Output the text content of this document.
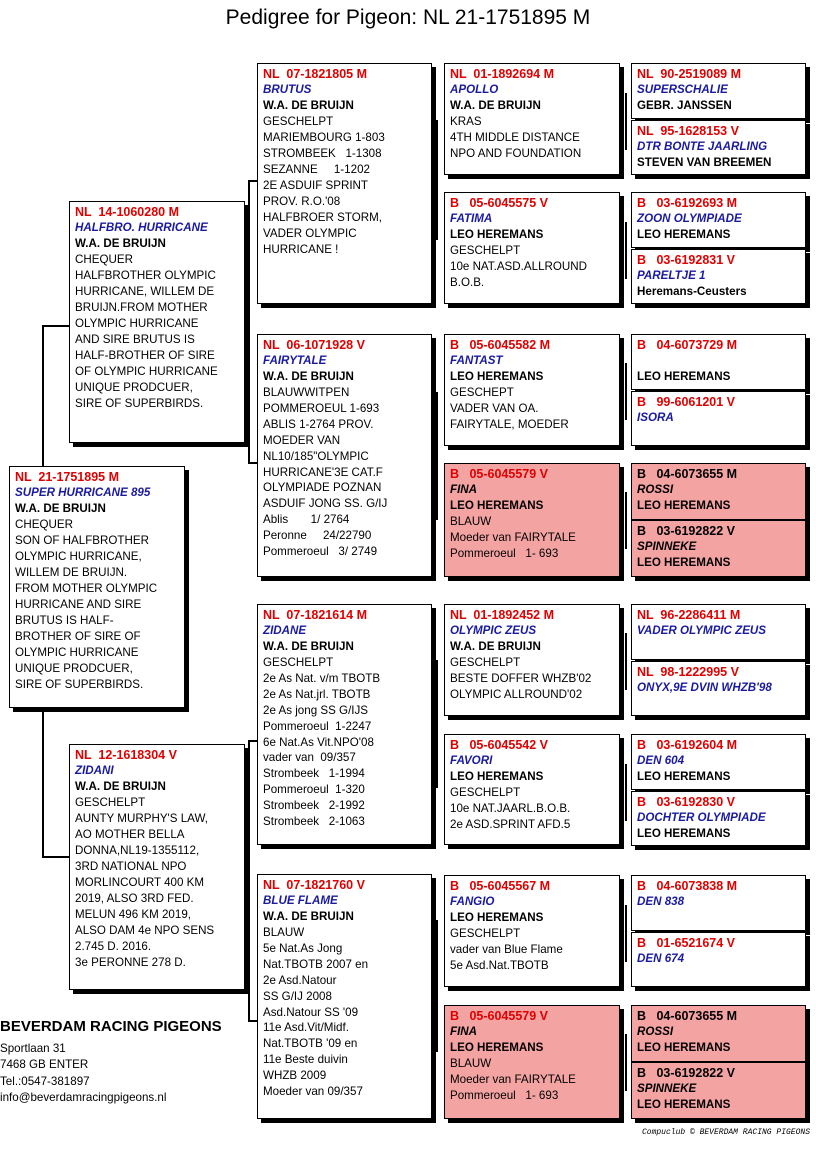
Pedigree for Pigeon: NL 21-1751895 M
NL  21-1751895 M
SUPER HURRICANE 895
W.A. DE BRUIJN
CHEQUER
SON OF HALFBROTHER
OLYMPIC HURRICANE,
WILLEM DE BRUIJN.
FROM MOTHER OLYMPIC
HURRICANE AND SIRE
BRUTUS IS HALF-
BROTHER OF SIRE OF
OLYMPIC HURRICANE
UNIQUE PRODCUER,
SIRE OF SUPERBIRDS.
NL  14-1060280 M
HALFBRO. HURRICANE
W.A. DE BRUIJN
CHEQUER
HALFBROTHER OLYMPIC
HURRICANE, WILLEM DE
BRUIJN.FROM MOTHER
OLYMPIC HURRICANE
AND SIRE BRUTUS IS
HALF-BROTHER OF SIRE
OF OLYMPIC HURRICANE
UNIQUE PRODCUER,
SIRE OF SUPERBIRDS.
NL  12-1618304 V
ZIDANI
W.A. DE BRUIJN
GESCHELPT
AUNTY MURPHY'S LAW,
AO MOTHER BELLA
DONNA,NL19-1355112,
3RD NATIONAL NPO
MORLINCOURT 400 KM
2019, ALSO 3RD FED.
MELUN 496 KM 2019,
ALSO DAM 4e NPO SENS
2.745 D. 2016.
3e PERONNE 278 D.
NL  07-1821805 M
BRUTUS
W.A. DE BRUIJN
GESCHELPT
MARIEMBOURG 1-803
STROMBEEK   1-1308
SEZANNE     1-1202
2E ASDUIF SPRINT
PROV. R.O.'08
HALFBROER STORM,
VADER OLYMPIC
HURRICANE !
NL  06-1071928 V
FAIRYTALE
W.A. DE BRUIJN
BLAUWWITPEN
POMMEROEUL 1-693
ABLIS 1-2764 PROV.
MOEDER VAN
NL10/185"OLYMPIC
HURRICANE'3E CAT.F
OLYMPIADE POZNAN
ASDUIF JONG SS. G/IJ
Ablis       1/ 2764
Peronne     24/22790
Pommeroeul   3/ 2749
NL  07-1821614 M
ZIDANE
W.A. DE BRUIJN
GESCHELPT
2e As Nat. v/m TBOTB
2e As Nat.jrl. TBOTB
2e As jong SS G/IJS
Pommeroeul  1-2247
6e Nat.As Vit.NPO'08
vader van  09/357
Strombeek   1-1994
Pommeroeul  1-320
Strombeek   2-1992
Strombeek   2-1063
NL  07-1821760 V
BLUE FLAME
W.A. DE BRUIJN
BLAUW
5e Nat.As Jong
Nat.TBOTB 2007 en
2e Asd.Natour
SS G/IJ 2008
Asd.Natour SS '09
11e Asd.Vit/Midf.
Nat.TBOTB '09 en
11e Beste duivin
WHZB 2009
Moeder van 09/357
NL  01-1892694 M
APOLLO
W.A. DE BRUIJN
KRAS
4TH MIDDLE DISTANCE
NPO AND FOUNDATION
B   05-6045575 V
FATIMA
LEO HEREMANS
GESCHELPT
10e NAT.ASD.ALLROUND
B.O.B.
B   05-6045582 M
FANTAST
LEO HEREMANS
GESCHEPT
VADER VAN OA.
FAIRYTALE, MOEDER
B   05-6045579 V
FINA
LEO HEREMANS
BLAUW
Moeder van FAIRYTALE
Pommeroeul   1- 693
NL  01-1892452 M
OLYMPIC ZEUS
W.A. DE BRUIJN
GESCHELPT
BESTE DOFFER WHZB'02
OLYMPIC ALLROUND'02
B   05-6045542 V
FAVORI
LEO HEREMANS
GESCHELPT
10e NAT.JAARL.B.O.B.
2e ASD.SPRINT AFD.5
B   05-6045567 M
FANGIO
LEO HEREMANS
GESCHELPT
vader van Blue Flame
5e Asd.Nat.TBOTB
B   05-6045579 V
FINA
LEO HEREMANS
BLAUW
Moeder van FAIRYTALE
Pommeroeul   1- 693
NL  90-2519089 M
SUPERSCHALIE
GEBR. JANSSEN
NL  95-1628153 V
DTR BONTE JAARLING
STEVEN VAN BREEMEN
B   03-6192693 M
ZOON OLYMPIADE
LEO HEREMANS
B   03-6192831 V
PARELTJE 1
Heremans-Ceusters
B   04-6073729 M
LEO HEREMANS
B   99-6061201 V
ISORA
B   04-6073655 M
ROSSI
LEO HEREMANS
B   03-6192822 V
SPINNEKE
LEO HEREMANS
NL  96-2286411 M
VADER OLYMPIC ZEUS
NL  98-1222995 V
ONYX,9E DVIN WHZB'98
B   03-6192604 M
DEN 604
LEO HEREMANS
B   03-6192830 V
DOCHTER OLYMPIADE
LEO HEREMANS
B   04-6073838 M
DEN 838
B   01-6521674 V
DEN 674
B   04-6073655 M
ROSSI
LEO HEREMANS
B   03-6192822 V
SPINNEKE
LEO HEREMANS
BEVERDAM RACING PIGEONS
Sportlaan 31
7468 GB ENTER
Tel.:0547-381897
info@beverdamracingpigeons.nl
Compuclub © BEVERDAM RACING PIGEONS
